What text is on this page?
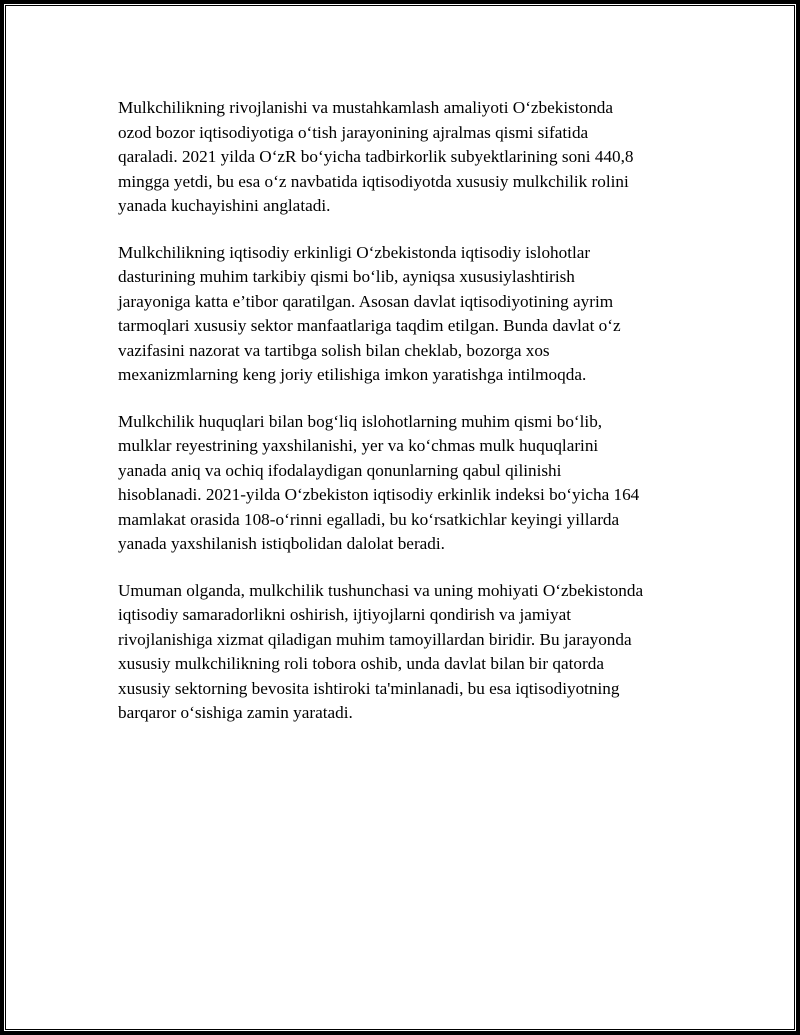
Mulkchilikning rivojlanishi va mustahkamlash amaliyoti O‘zbekistonda
ozod bozor iqtisodiyotiga o‘tish jarayonining ajralmas qismi sifatida
qaraladi. 2021 yilda O‘zR bo‘yicha tadbirkorlik subyektlarining soni 440,8
mingga yetdi, bu esa o‘z navbatida iqtisodiyotda xususiy mulkchilik rolini
yanada kuchayishini anglatadi.

Mulkchilikning iqtisodiy erkinligi O‘zbekistonda iqtisodiy islohotlar
dasturining muhim tarkibiy qismi bo‘lib, ayniqsa xususiylashtirish
jarayoniga katta e’tibor qaratilgan. Asosan davlat iqtisodiyotining ayrim
tarmoqlari xususiy sektor manfaatlariga taqdim etilgan. Bunda davlat o‘z
vazifasini nazorat va tartibga solish bilan cheklab, bozorga xos
mexanizmlarning keng joriy etilishiga imkon yaratishga intilmoqda.

Mulkchilik huquqlari bilan bog‘liq islohotlarning muhim qismi bo‘lib,
mulklar reyestrining yaxshilanishi, yer va ko‘chmas mulk huquqlarini
yanada aniq va ochiq ifodalaydigan qonunlarning qabul qilinishi
hisoblanadi. 2021-yilda O‘zbekiston iqtisodiy erkinlik indeksi bo‘yicha 164
mamlakat orasida 108-o‘rinni egalladi, bu ko‘rsatkichlar keyingi yillarda
yanada yaxshilanish istiqbolidan dalolat beradi.

Umuman olganda, mulkchilik tushunchasi va uning mohiyati O‘zbekistonda
iqtisodiy samaradorlikni oshirish, ijtiyojlarni qondirish va jamiyat
rivojlanishiga xizmat qiladigan muhim tamoyillardan biridir. Bu jarayonda
xususiy mulkchilikning roli tobora oshib, unda davlat bilan bir qatorda
xususiy sektorning bevosita ishtiroki ta'minlanadi, bu esa iqtisodiyotning
barqaror o‘sishiga zamin yaratadi.
